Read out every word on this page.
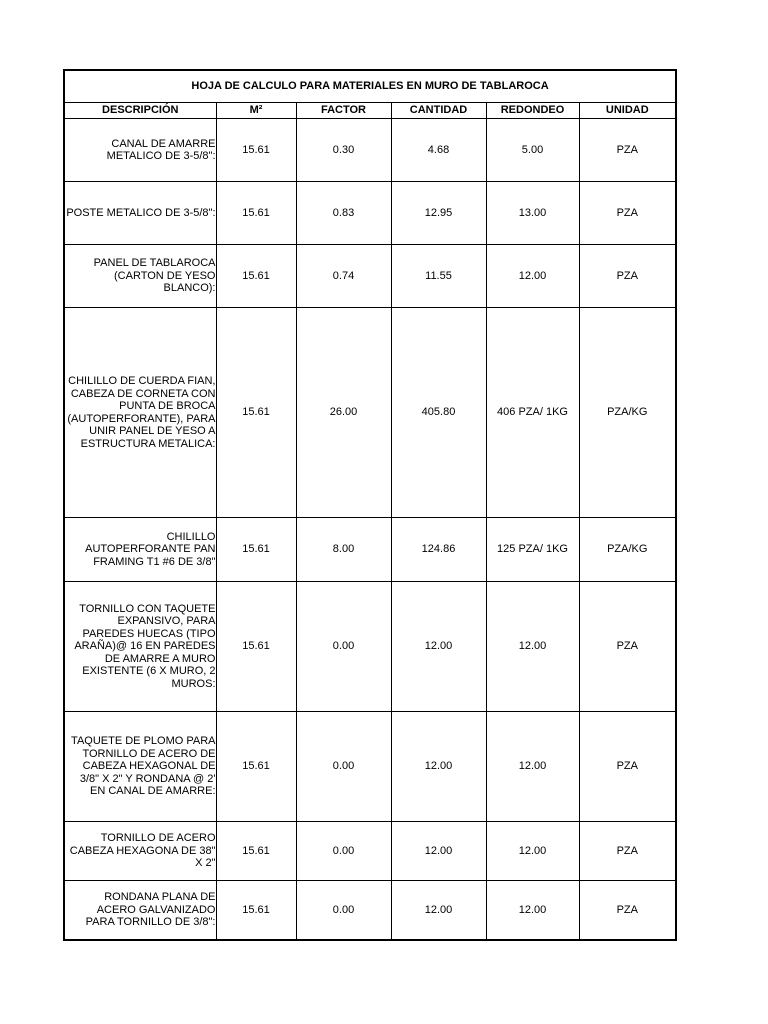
HOJA DE CALCULO PARA MATERIALES EN MURO DE TABLAROCA					
DESCRIPCIÓN	M²	FACTOR	CANTIDAD	REDONDEO	UNIDAD
CANAL DE AMARRE METALICO DE 3-5/8":	15.61	0.30	4.68	5.00	PZA
POSTE METALICO DE 3-5/8":	15.61	0.83	12.95	13.00	PZA
PANEL DE TABLAROCA (CARTON DE YESO BLANCO):	15.61	0.74	11.55	12.00	PZA
CHILILLO DE CUERDA FIAN, CABEZA DE CORNETA CON PUNTA DE BROCA (AUTOPERFORANTE), PARA UNIR PANEL DE YESO A ESTRUCTURA METALICA:	15.61	26.00	405.80	406 PZA/ 1KG	PZA/KG
CHILILLO AUTOPERFORANTE PAN FRAMING T1 #6 DE 3/8"	15.61	8.00	124.86	125 PZA/ 1KG	PZA/KG
TORNILLO CON TAQUETE EXPANSIVO, PARA PAREDES HUECAS (TIPO ARAÑA)@ 16 EN PAREDES DE AMARRE A MURO EXISTENTE (6 X MURO, 2 MUROS:	15.61	0.00	12.00	12.00	PZA
TAQUETE DE PLOMO PARA TORNILLO DE ACERO DE CABEZA HEXAGONAL DE 3/8" X 2" Y RONDANA @ 2' EN CANAL DE AMARRE:	15.61	0.00	12.00	12.00	PZA
TORNILLO DE ACERO CABEZA HEXAGONA DE 38" X 2"	15.61	0.00	12.00	12.00	PZA
RONDANA PLANA DE ACERO GALVANIZADO PARA TORNILLO DE 3/8":	15.61	0.00	12.00	12.00	PZA
